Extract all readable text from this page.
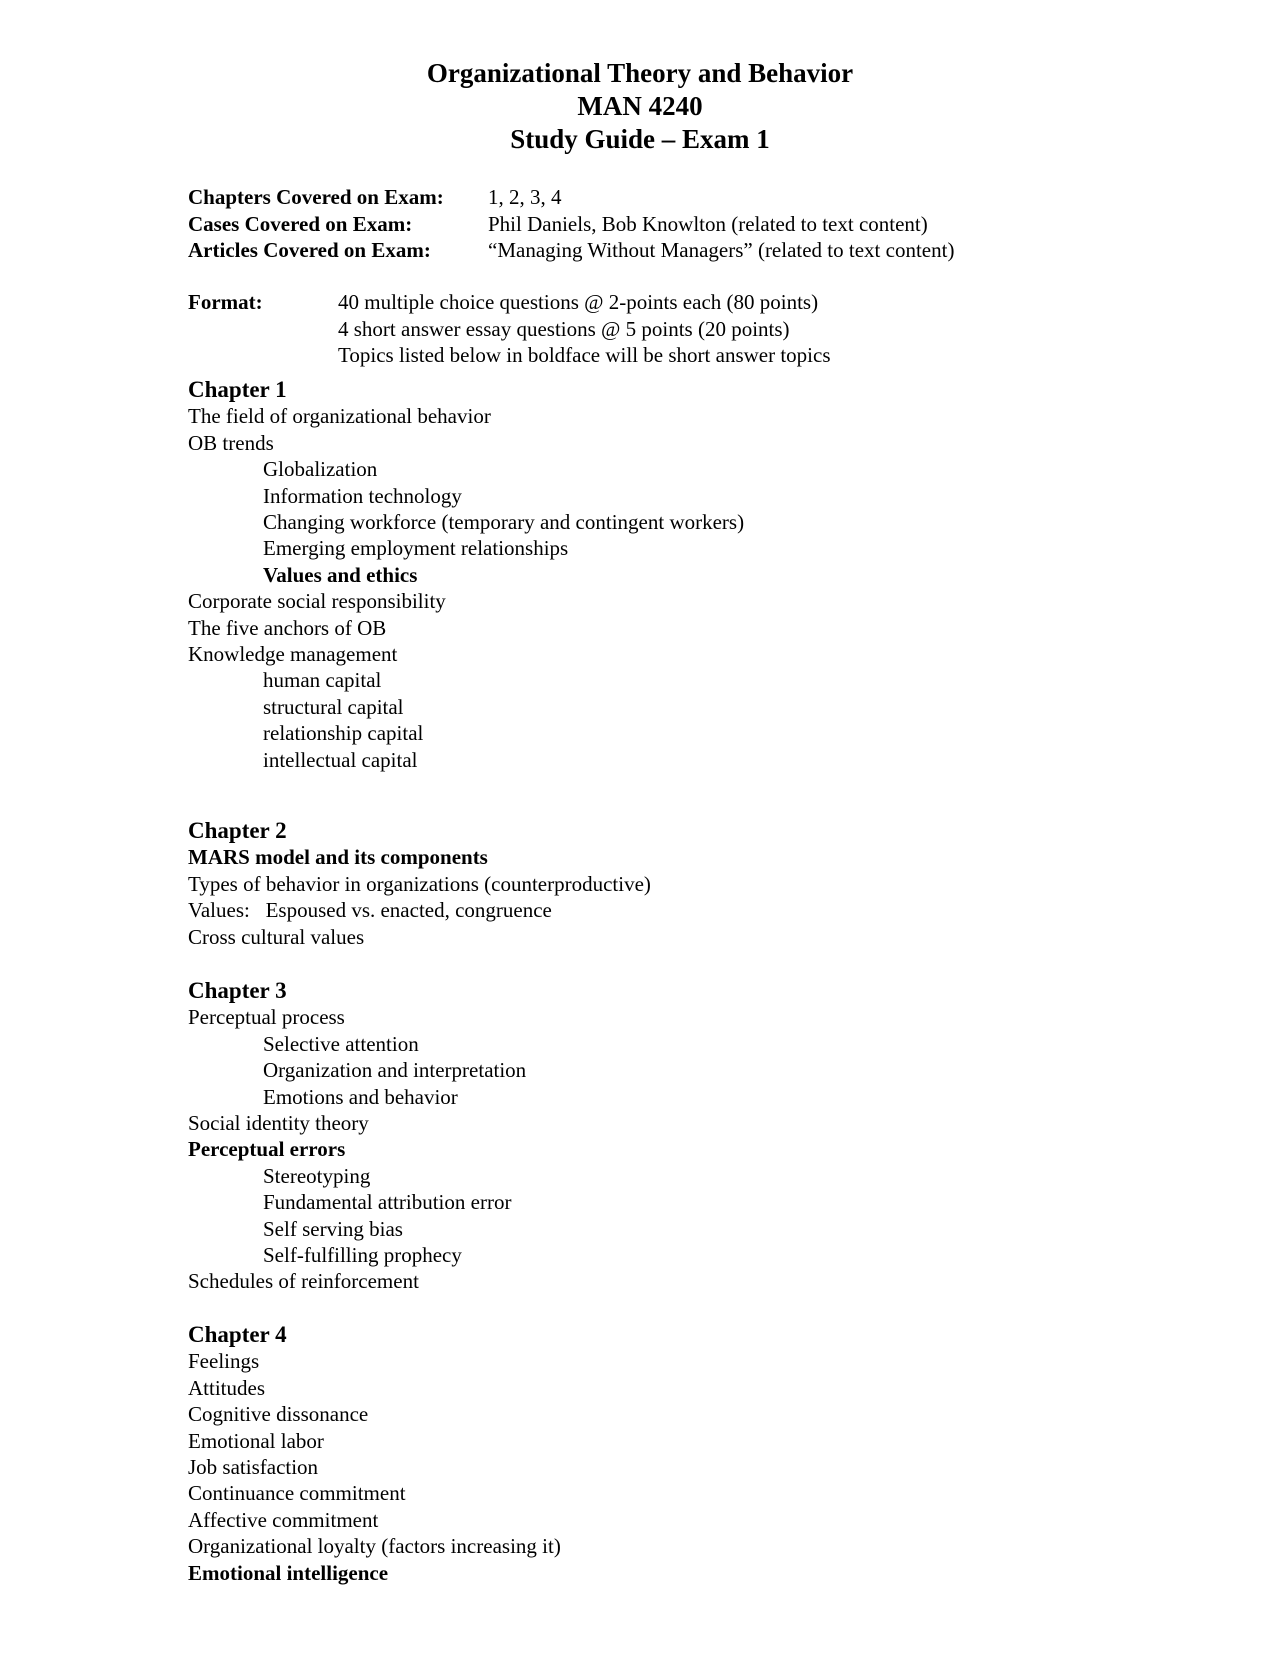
Organizational Theory and Behavior
MAN 4240
Study Guide – Exam 1
Chapters Covered on Exam:	1, 2, 3, 4
Cases Covered on Exam:	Phil Daniels, Bob Knowlton (related to text content)
Articles Covered on Exam:	“Managing Without Managers” (related to text content)
Format:	40 multiple choice questions @ 2-points each (80 points)
4 short answer essay questions @ 5 points (20 points)
Topics listed below in boldface will be short answer topics
Chapter 1
The field of organizational behavior
OB trends
Globalization
Information technology
Changing workforce (temporary and contingent workers)
Emerging employment relationships
Values and ethics
Corporate social responsibility
The five anchors of OB
Knowledge management
human capital
structural capital
relationship capital
intellectual capital
Chapter 2
MARS model and its components
Types of behavior in organizations (counterproductive)
Values:   Espoused vs. enacted, congruence
Cross cultural values
Chapter 3
Perceptual process
Selective attention
Organization and interpretation
Emotions and behavior
Social identity theory
Perceptual errors
Stereotyping
Fundamental attribution error
Self serving bias
Self-fulfilling prophecy
Schedules of reinforcement
Chapter 4
Feelings
Attitudes
Cognitive dissonance
Emotional labor
Job satisfaction
Continuance commitment
Affective commitment
Organizational loyalty (factors increasing it)
Emotional intelligence
